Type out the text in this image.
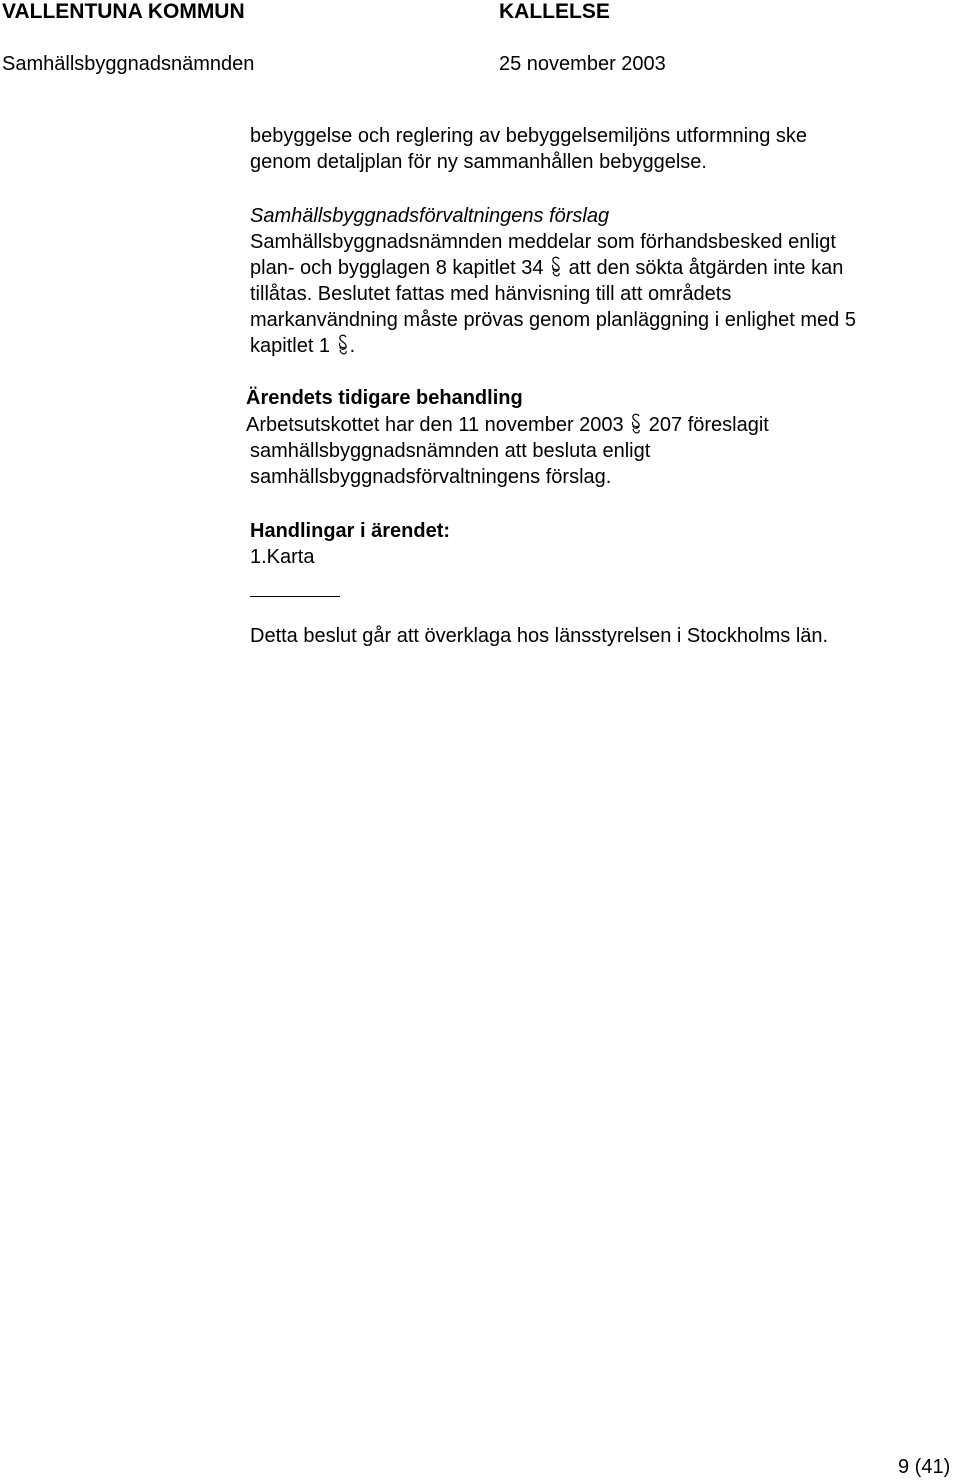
VALLENTUNA KOMMUN	KALLELSE
Samhällsbyggnadsnämnden	25 november 2003
bebyggelse och reglering av bebyggelsemiljöns utformning ske
genom detaljplan för ny sammanhållen bebyggelse.
Samhällsbyggnadsförvaltningens förslag
Samhällsbyggnadsnämnden meddelar som förhandsbesked enligt
plan- och bygglagen 8 kapitlet 34 att den sökta åtgärden inte kan
tillåtas. Beslutet fattas med hänvisning till att områdets
markanvändning måste prövas genom planläggning i enlighet med 5
kapitlet 1 .
Ärendets tidigare behandling
Arbetsutskottet har den 11 november 2003 207 föreslagit
samhällsbyggnadsnämnden att besluta enligt
samhällsbyggnadsförvaltningens förslag.
Handlingar i ärendet:
1.Karta
Detta beslut går att överklaga hos länsstyrelsen i Stockholms län.
9 (41)
